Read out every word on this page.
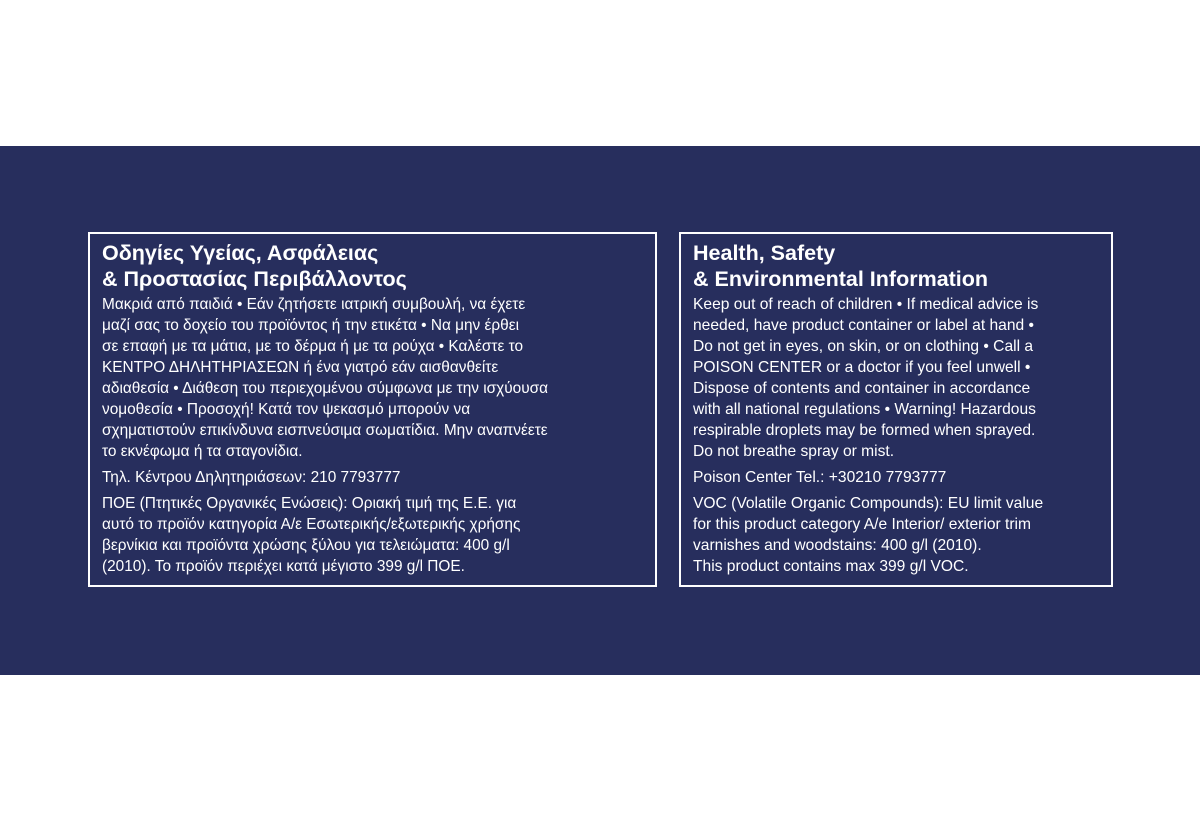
Οδηγίες Υγείας, Ασφάλειας
& Προστασίας Περιβάλλοντος
Μακριά από παιδιά • Εάν ζητήσετε ιατρική συμβουλή, να έχετε
μαζί σας το δοχείο του προϊόντος ή την ετικέτα • Να μην έρθει
σε επαφή με τα μάτια, με το δέρμα ή με τα ρούχα • Καλέστε το
ΚΕΝΤΡΟ ΔΗΛΗΤΗΡΙΑΣΕΩΝ ή ένα γιατρό εάν αισθανθείτε
αδιαθεσία • Διάθεση του περιεχομένου σύμφωνα με την ισχύουσα
νομοθεσία • Προσοχή! Κατά τον ψεκασμό μπορούν να
σχηματιστούν επικίνδυνα εισπνεύσιμα σωματίδια. Μην αναπνέετε
το εκνέφωμα ή τα σταγονίδια.
Τηλ. Κέντρου Δηλητηριάσεων: 210 7793777
ΠΟΕ (Πτητικές Οργανικές Ενώσεις): Οριακή τιμή της Ε.Ε. για
αυτό το προϊόν κατηγορία Α/ε Εσωτερικής/εξωτερικής χρήσης
βερνίκια και προϊόντα χρώσης ξύλου για τελειώματα: 400 g/l
(2010). Το προϊόν περιέχει κατά μέγιστο 399 g/l ΠΟΕ.
Health, Safety
& Environmental Information
Keep out of reach of children • If medical advice is
needed, have product container or label at hand •
Do not get in eyes, on skin, or on clothing • Call a
POISON CENTER or a doctor if you feel unwell •
Dispose of contents and container in accordance
with all national regulations • Warning! Hazardous
respirable droplets may be formed when sprayed.
Do not breathe spray or mist.
Poison Center Tel.: +30210 7793777
VOC (Volatile Organic Compounds): EU limit value
for this product category A/e Interior/ exterior trim
varnishes and woodstains: 400 g/l (2010).
This product contains max 399 g/l VOC.
